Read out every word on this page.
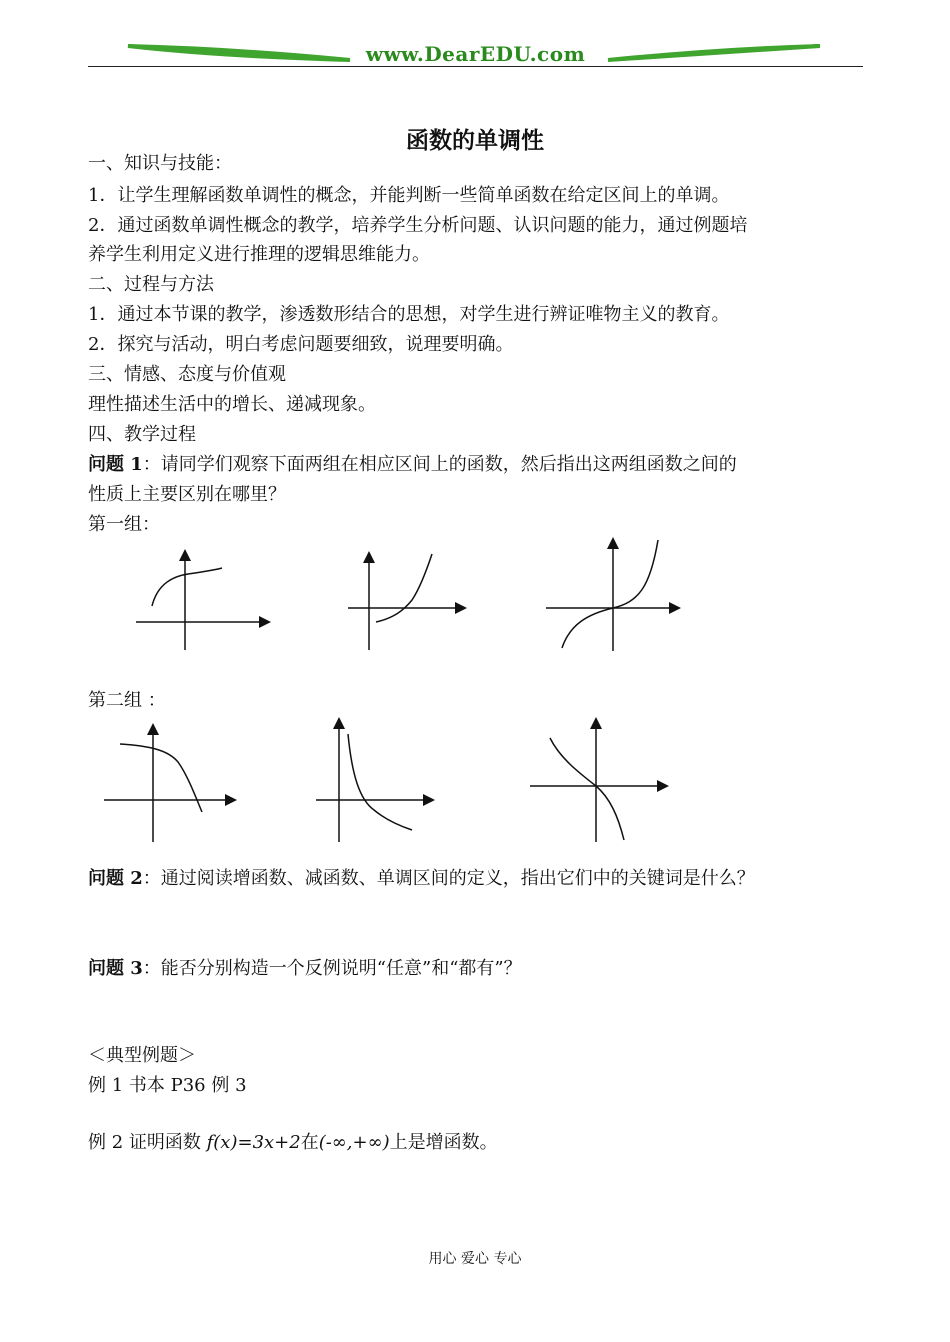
www.DearEDU.com
函数的单调性
一、知识与技能：
1．让学生理解函数单调性的概念，并能判断一些简单函数在给定区间上的单调。
2．通过函数单调性概念的教学，培养学生分析问题、认识问题的能力，通过例题培
养学生利用定义进行推理的逻辑思维能力。
二、过程与方法
1．通过本节课的教学，渗透数形结合的思想，对学生进行辨证唯物主义的教育。
2．探究与活动，明白考虑问题要细致，说理要明确。
三、情感、态度与价值观
理性描述生活中的增长、递减现象。
四、教学过程
问题 1：请同学们观察下面两组在相应区间上的函数，然后指出这两组函数之间的
性质上主要区别在哪里？
第一组：
第二组 ：
问题 2：通过阅读增函数、减函数、单调区间的定义，指出它们中的关键词是什么？
问题 3：能否分别构造一个反例说明“任意”和“都有”？
＜典型例题＞
例 1 书本 P36 例 3
例 2 证明函数 f(x)=3x+2在(-∞,+∞)上是增函数。
用心 爱心 专心
